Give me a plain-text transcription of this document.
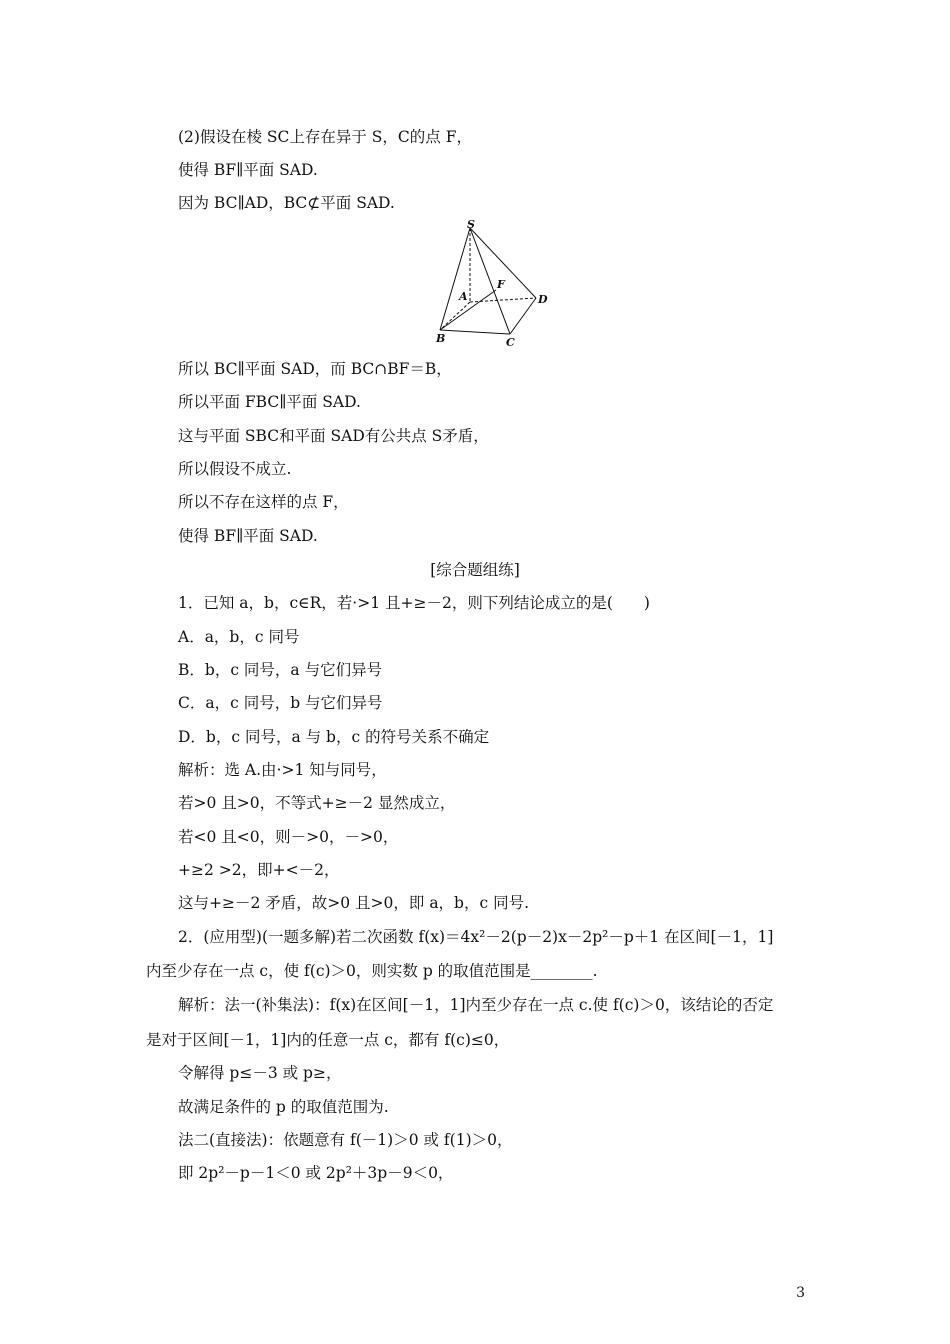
(2)假设在棱 SC上存在异于 S，C的点 F，
使得 BF∥平面 SAD.
因为 BC∥AD，BC⊄平面 SAD.
S
A
F
D
B	C
所以 BC∥平面 SAD，而 BC∩BF＝B，
所以平面 FBC∥平面 SAD.
这与平面 SBC和平面 SAD有公共点 S矛盾，
所以假设不成立.
所以不存在这样的点 F，
使得 BF∥平面 SAD.
[综合题组练]
1．已知 a，b，c∈R，若·>1 且+≥－2，则下列结论成立的是(　　)
A．a，b，c 同号
B．b，c 同号，a 与它们异号
C．a，c 同号，b 与它们异号
D．b，c 同号，a 与 b，c 的符号关系不确定
解析：选 A.由·>1 知与同号，
若>0 且>0，不等式+≥－2 显然成立，
若<0 且<0，则－>0，－>0，
+≥2 >2，即+<－2，
这与+≥－2 矛盾，故>0 且>0，即 a，b，c 同号.
2．(应用型)(一题多解)若二次函数 f(x)＝4x²－2(p－2)x－2p²－p＋1 在区间[－1，1]
内至少存在一点 c，使 f(c)＞0，则实数 p 的取值范围是________.
解析：法一(补集法)：f(x)在区间[－1，1]内至少存在一点 c.使 f(c)＞0，该结论的否定
是对于区间[－1，1]内的任意一点 c，都有 f(c)≤0，
令解得 p≤－3 或 p≥，
故满足条件的 p 的取值范围为.
法二(直接法)：依题意有 f(－1)＞0 或 f(1)＞0，
即 2p²－p－1＜0 或 2p²＋3p－9＜0，
3
